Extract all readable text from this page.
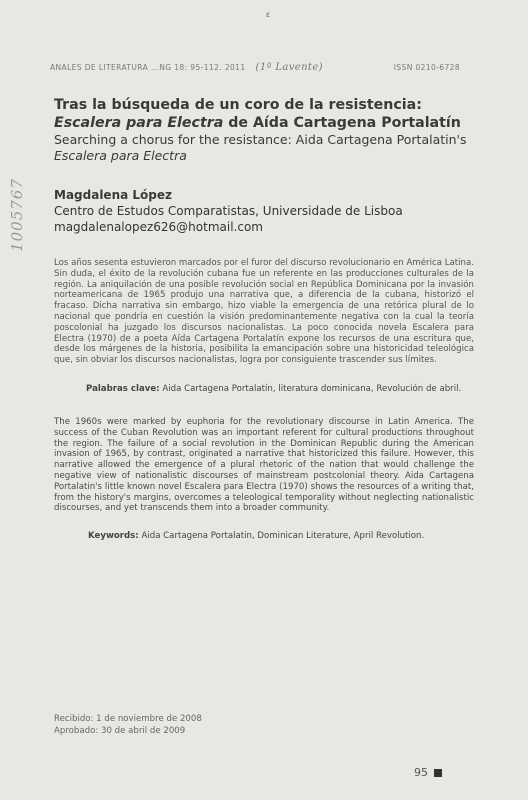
ε
ANALES DE LITERATURA ...NG 18: 95-112. 2011 (1ª Lavente)	ISSN 0210-6728
1005767
Tras la búsqueda de un coro de la resistencia: Escalera para Electra de Aída Cartagena Portalatín
Searching a chorus for the resistance: Aida Cartagena Portalatin's Escalera para Electra
Magdalena López
Centro de Estudos Comparatistas, Universidade de Lisboa
magdalenalopez626@hotmail.com

Los años sesenta estuvieron marcados por el furor del discurso revolucionario en América Latina. Sin duda, el éxito de la revolución cubana fue un referente en las producciones culturales de la región. La aniquilación de una posible revolución social en República Dominicana por la invasión norteamericana de 1965 produjo una narrativa que, a diferencia de la cubana, historizó el fracaso. Dicha narrativa sin embargo, hizo viable la emergencia de una retórica plural de lo nacional que pondría en cuestión la visión predominantemente negativa con la cual la teoría poscolonial ha juzgado los discursos nacionalistas. La poco conocida novela Escalera para Electra (1970) de a poeta Aída Cartagena Portalatín expone los recursos de una escritura que, desde los márgenes de la historia, posibilita la emancipación sobre una historicidad teleológica que, sin obviar los discursos nacionalistas, logra por consiguiente trascender sus límites.

Palabras clave: Aida Cartagena Portalatín, literatura dominicana, Revolución de abril.

The 1960s were marked by euphoria for the revolutionary discourse in Latin America. The success of the Cuban Revolution was an important referent for cultural productions throughout the region. The failure of a social revolution in the Dominican Republic during the American invasion of 1965, by contrast, originated a narrative that historicized this failure. However, this narrative allowed the emergence of a plural rhetoric of the nation that would challenge the negative view of nationalistic discourses of mainstream postcolonial theory. Aida Cartagena Portalatin's little known novel Escalera para Electra (1970) shows the resources of a writing that, from the history's margins, overcomes a teleological temporality without neglecting nationalistic discourses, and yet transcends them into a broader community.

Keywords: Aida Cartagena Portalatin, Dominican Literature, April Revolution.

Recibido: 1 de noviembre de 2008
Aprobado: 30 de abril de 2009
95
